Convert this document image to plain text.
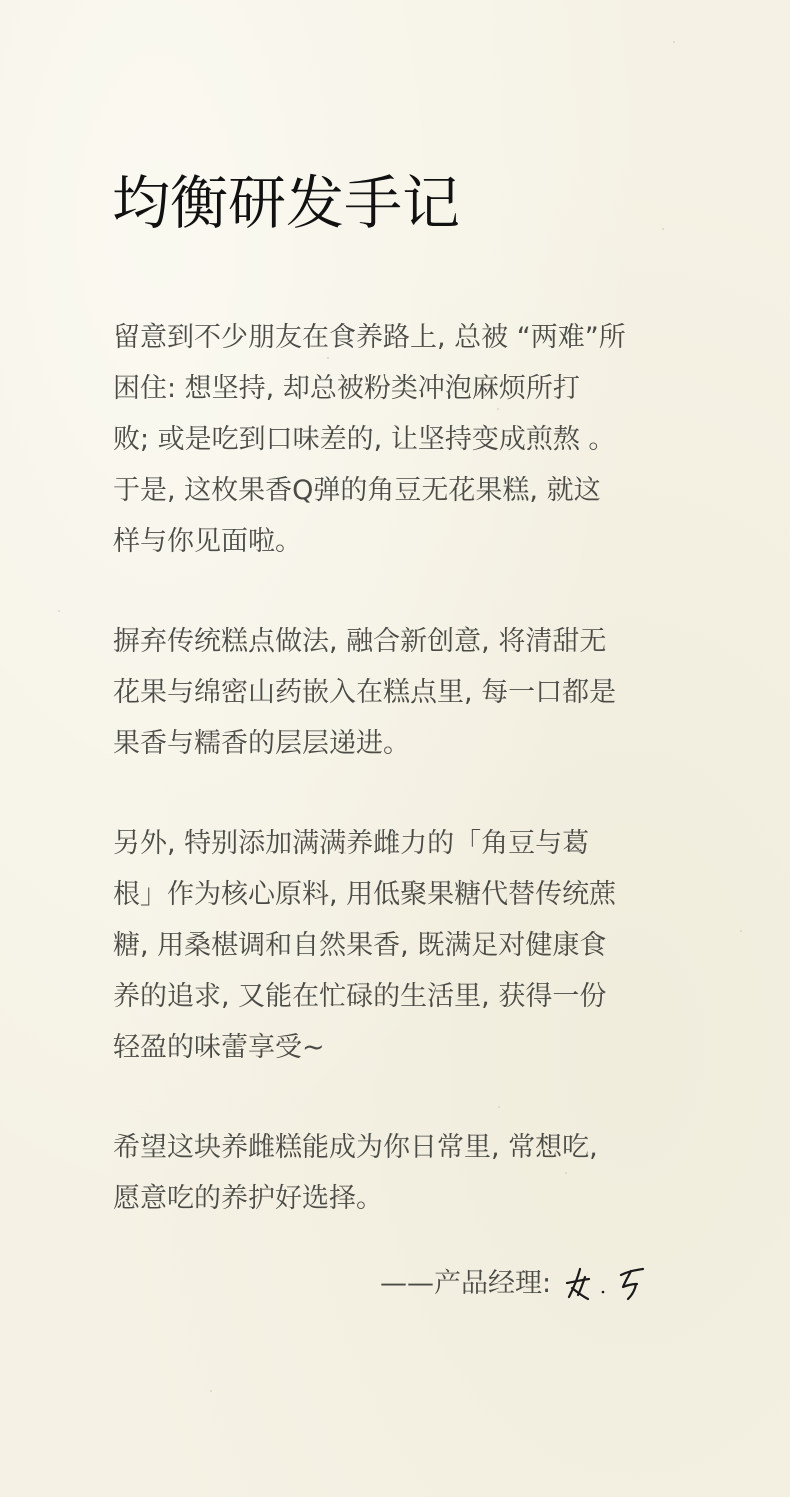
均衡研发手记

留意到不少朋友在食养路上, 总被 “两难”所
困住: 想坚持, 却总被粉类冲泡麻烦所打
败; 或是吃到口味差的, 让坚持变成煎熬 。
于是, 这枚果香Q弹的角豆无花果糕, 就这
样与你见面啦。

摒弃传统糕点做法, 融合新创意, 将清甜无
花果与绵密山药嵌入在糕点里, 每一口都是
果香与糯香的层层递进。

另外, 特别添加满满养雌力的「角豆与葛
根」作为核心原料, 用低聚果糖代替传统蔗
糖, 用桑椹调和自然果香, 既满足对健康食
养的追求, 又能在忙碌的生活里, 获得一份
轻盈的味蕾享受~

希望这块养雌糕能成为你日常里, 常想吃,
愿意吃的养护好选择。

——产品经理:
